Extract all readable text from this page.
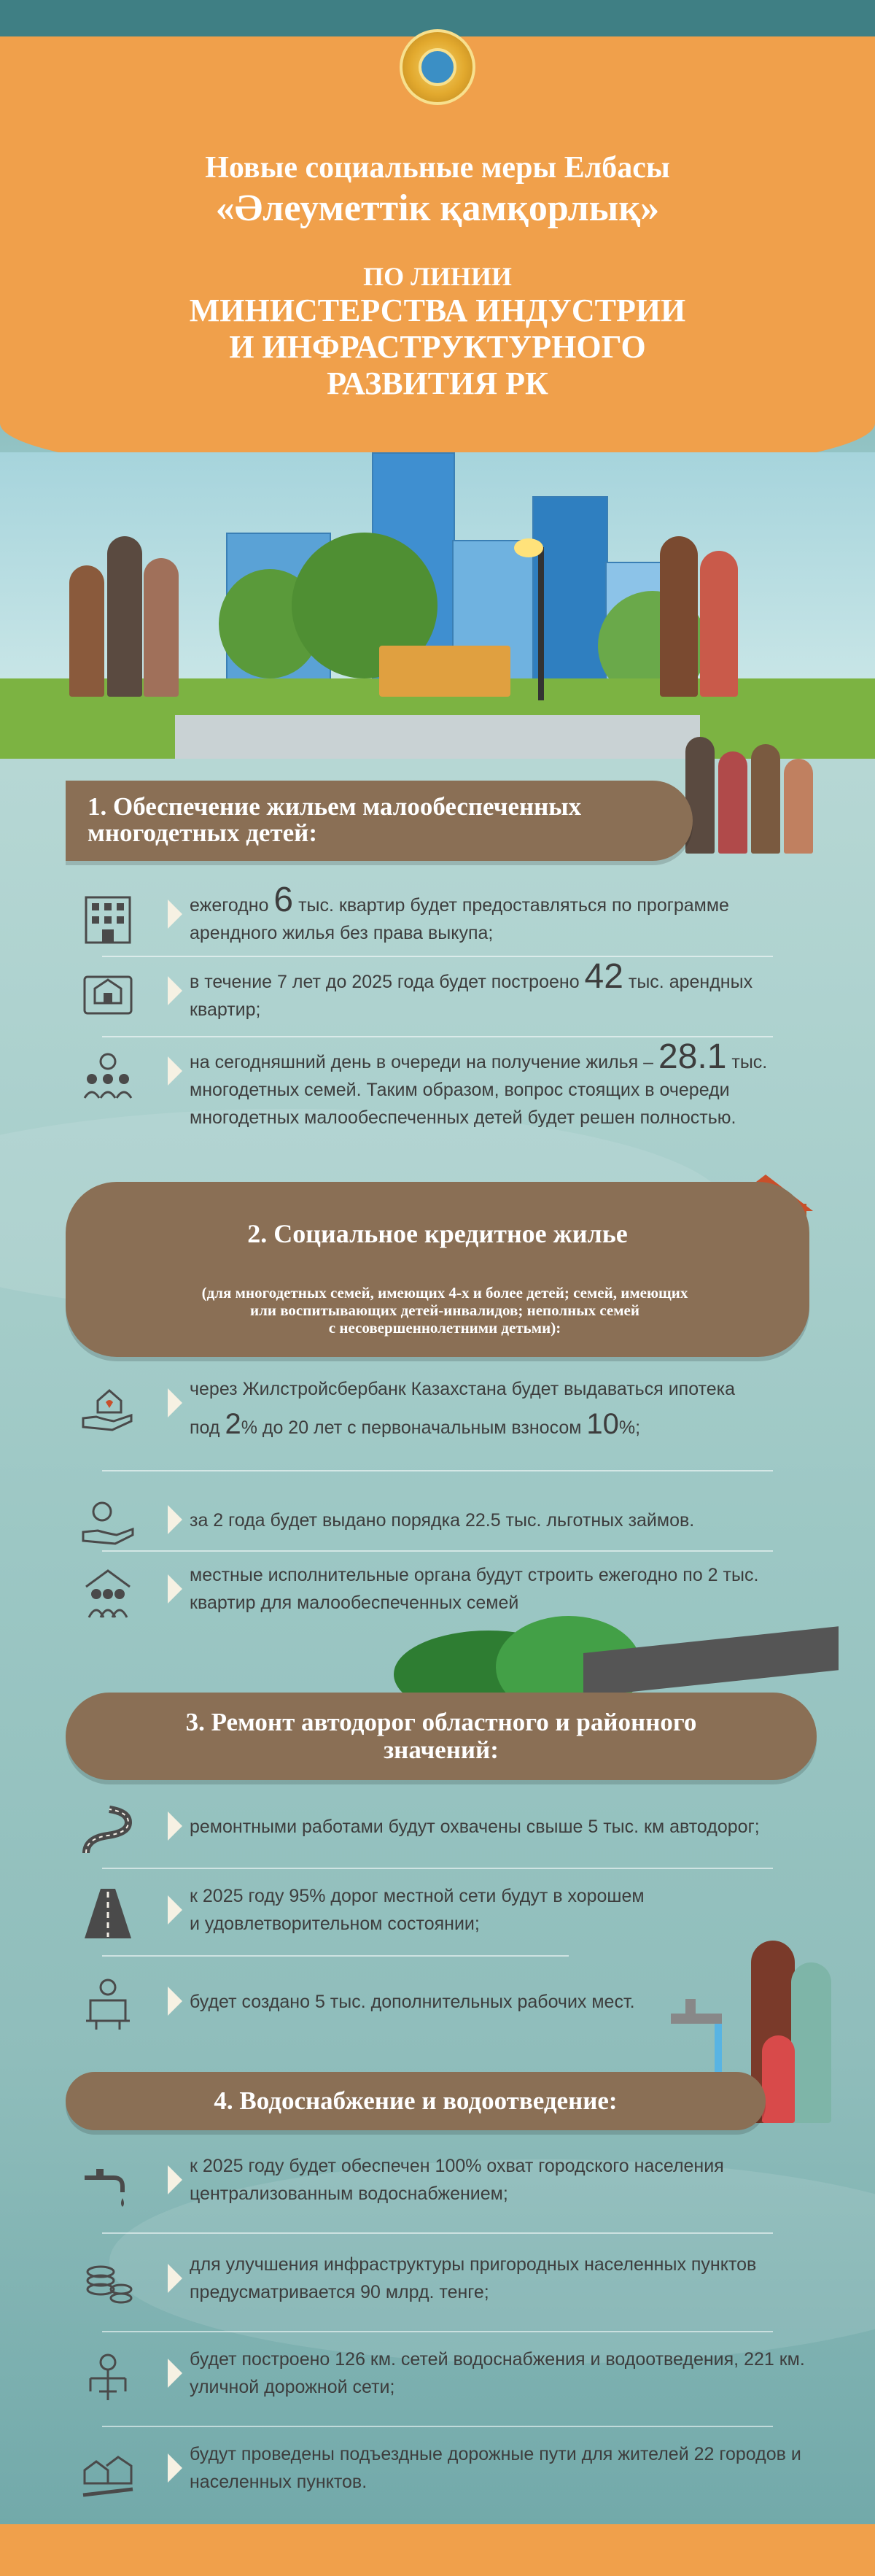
Новые социальные меры Елбасы
«Әлеуметтік қамқорлық»
ПО ЛИНИИ
МИНИСТЕРСТВА ИНДУСТРИИ
И ИНФРАСТРУКТУРНОГО
РАЗВИТИЯ РК
1. Обеспечение жильем малообеспеченных
многодетных детей:
ежегодно 6 тыс. квартир будет предоставляться по программе арендного жилья без права выкупа;
в течение 7 лет до 2025 года будет построено 42 тыс. арендных квартир;
на сегодняшний день в очереди на получение жилья – 28.1 тыс. многодетных семей. Таким образом, вопрос стоящих в очереди многодетных малообеспеченных детей будет решен полностью.
2. Социальное кредитное жилье
(для многодетных семей, имеющих 4-х и более детей; семей, имеющих
или воспитывающих детей-инвалидов; неполных семей
с несовершеннолетними детьми):
через Жилстройсбербанк Казахстана будет выдаваться ипотека
под 2% до 20 лет с первоначальным взносом 10%;
за 2 года будет выдано порядка 22.5 тыс. льготных займов.
местные исполнительные органа будут строить ежегодно по 2 тыс. квартир для малообеспеченных семей
3. Ремонт автодорог областного и районного
значений:
ремонтными работами будут охвачены свыше 5 тыс. км автодорог;
к 2025 году 95% дорог местной сети будут в хорошем и удовлетворительном состоянии;
будет создано 5 тыс. дополнительных рабочих мест.
4. Водоснабжение и водоотведение:
к 2025 году будет обеспечен 100% охват городского населения централизованным водоснабжением;
для улучшения инфраструктуры пригородных населенных пунктов предусматривается 90 млрд. тенге;
будет построено 126 км. сетей водоснабжения и водоотведения, 221 км. уличной дорожной сети;
будут проведены подъездные дорожные пути для жителей 22 городов и населенных пунктов.
